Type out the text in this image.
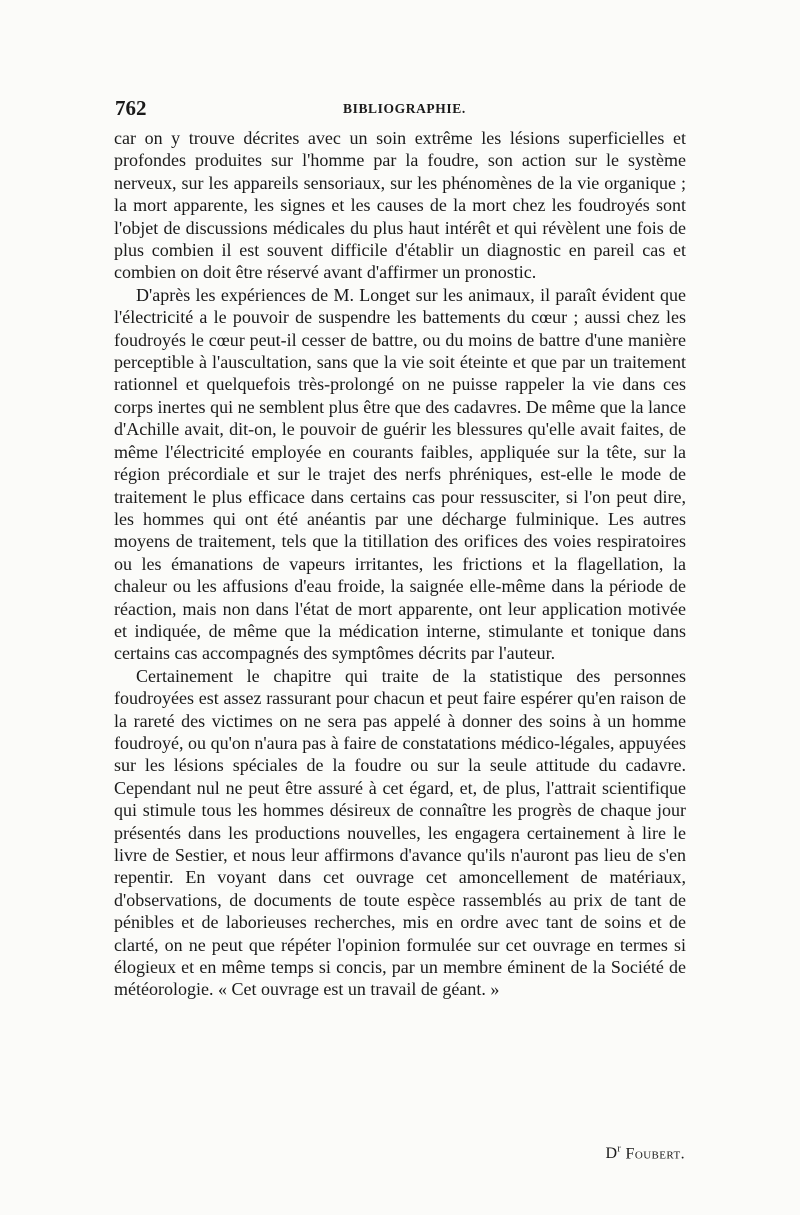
762	BIBLIOGRAPHIE.

car on y trouve décrites avec un soin extrême les lésions superficielles et profondes produites sur l'homme par la foudre, son action sur le système nerveux, sur les appareils sensoriaux, sur les phénomènes de la vie organique ; la mort apparente, les signes et les causes de la mort chez les foudroyés sont l'objet de discussions médicales du plus haut intérêt et qui révèlent une fois de plus combien il est souvent difficile d'établir un diagnostic en pareil cas et combien on doit être réservé avant d'affirmer un pronostic.

D'après les expériences de M. Longet sur les animaux, il paraît évident que l'électricité a le pouvoir de suspendre les battements du cœur ; aussi chez les foudroyés le cœur peut-il cesser de battre, ou du moins de battre d'une manière perceptible à l'auscultation, sans que la vie soit éteinte et que par un traitement rationnel et quelquefois très-prolongé on ne puisse rappeler la vie dans ces corps inertes qui ne semblent plus être que des cadavres. De même que la lance d'Achille avait, dit-on, le pouvoir de guérir les blessures qu'elle avait faites, de même l'électricité employée en courants faibles, appliquée sur la tête, sur la région précordiale et sur le trajet des nerfs phréniques, est-elle le mode de traitement le plus efficace dans certains cas pour ressusciter, si l'on peut dire, les hommes qui ont été anéantis par une décharge fulminique. Les autres moyens de traitement, tels que la titillation des orifices des voies respiratoires ou les émanations de vapeurs irritantes, les frictions et la flagellation, la chaleur ou les affusions d'eau froide, la saignée elle-même dans la période de réaction, mais non dans l'état de mort apparente, ont leur application motivée et indiquée, de même que la médication interne, stimulante et tonique dans certains cas accompagnés des symptômes décrits par l'auteur.

Certainement le chapitre qui traite de la statistique des personnes foudroyées est assez rassurant pour chacun et peut faire espérer qu'en raison de la rareté des victimes on ne sera pas appelé à donner des soins à un homme foudroyé, ou qu'on n'aura pas à faire de constatations médico-légales, appuyées sur les lésions spéciales de la foudre ou sur la seule attitude du cadavre. Cependant nul ne peut être assuré à cet égard, et, de plus, l'attrait scientifique qui stimule tous les hommes désireux de connaître les progrès de chaque jour présentés dans les productions nouvelles, les engagera certainement à lire le livre de Sestier, et nous leur affirmons d'avance qu'ils n'auront pas lieu de s'en repentir. En voyant dans cet ouvrage cet amoncellement de matériaux, d'observations, de documents de toute espèce rassemblés au prix de tant de pénibles et de laborieuses recherches, mis en ordre avec tant de soins et de clarté, on ne peut que répéter l'opinion formulée sur cet ouvrage en termes si élogieux et en même temps si concis, par un membre éminent de la Société de météorologie. « Cet ouvrage est un travail de géant. »

$D^r$ Foubert.
